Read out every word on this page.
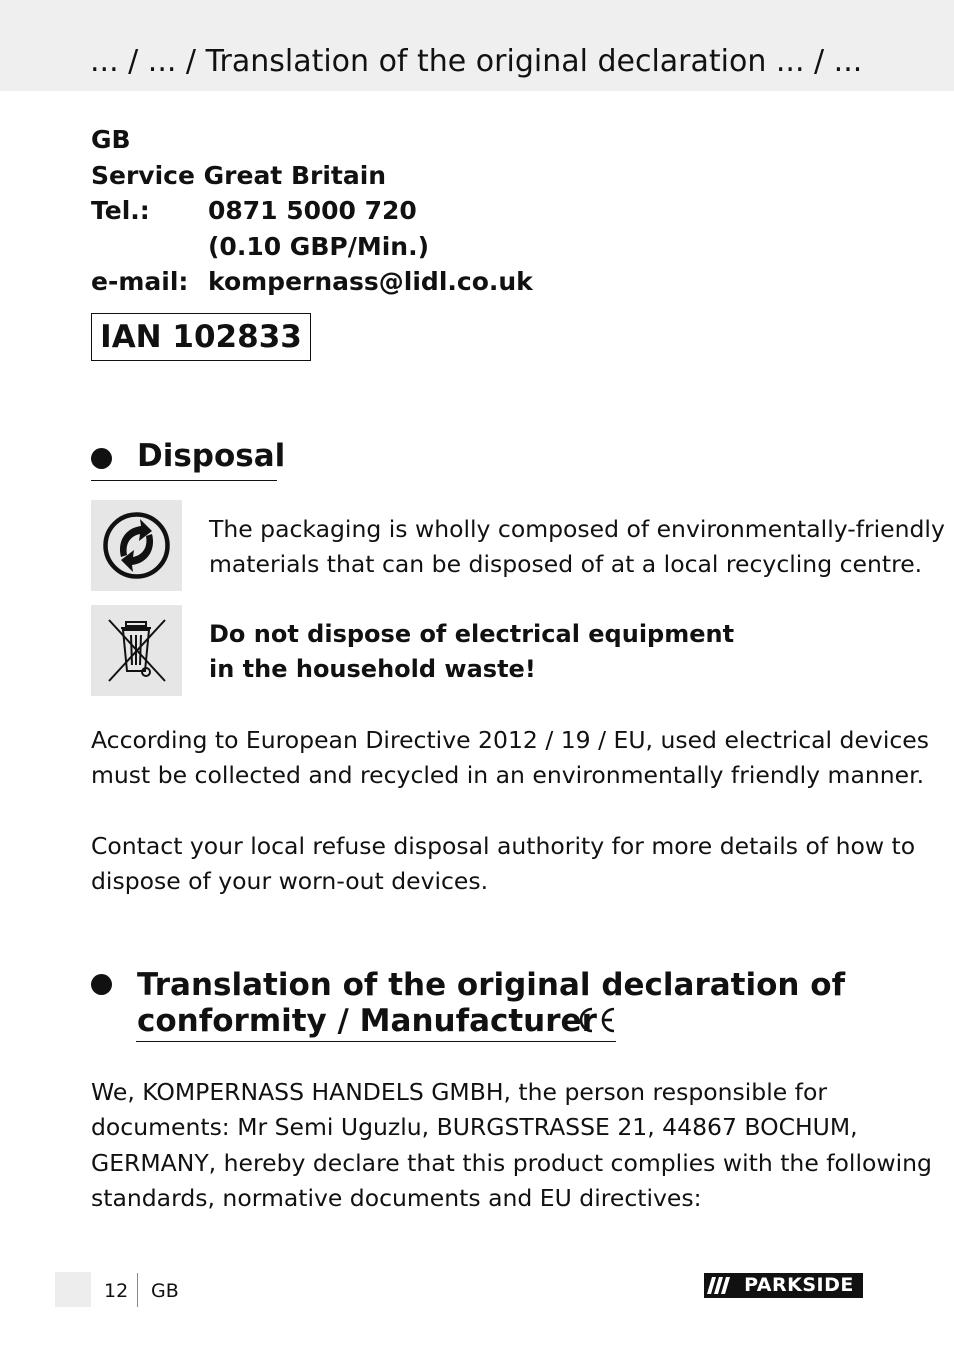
... / ... / Translation of the original declaration ... / ...
GB
Service Great Britain
Tel.: 0871 5000 720
(0.10 GBP/Min.)
e-mail: kompernass@lidl.co.uk
IAN 102833
Disposal
The packaging is wholly composed of environmentally-friendly
materials that can be disposed of at a local recycling centre.
Do not dispose of electrical equipment
in the household waste!
According to European Directive 2012 / 19 / EU, used electrical devices
must be collected and recycled in an environmentally friendly manner.
Contact your local refuse disposal authority for more details of how to
dispose of your worn-out devices.
Translation of the original declaration of
conformity / Manufacturer
We, KOMPERNASS HANDELS GMBH, the person responsible for
documents: Mr Semi Uguzlu, BURGSTRASSE 21, 44867 BOCHUM,
GERMANY, hereby declare that this product complies with the following
standards, normative documents and EU directives:
12 GB	PARKSIDE
